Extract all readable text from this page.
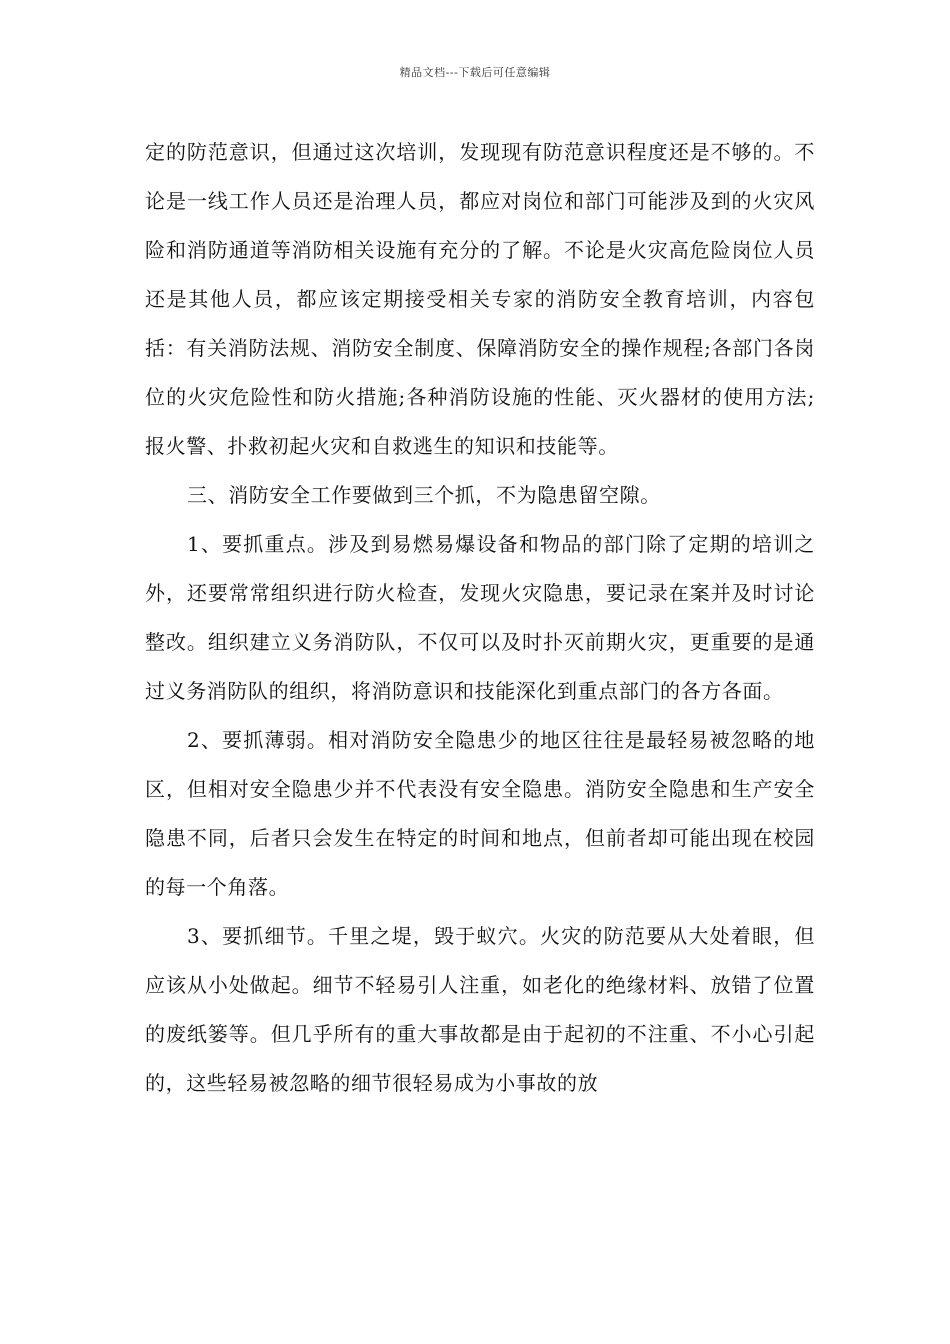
精品文档---下载后可任意编辑

定的防范意识，但通过这次培训，发现现有防范意识程度还是不够的。不论是一线工作人员还是治理人员，都应对岗位和部门可能涉及到的火灾风险和消防通道等消防相关设施有充分的了解。不论是火灾高危险岗位人员还是其他人员，都应该定期接受相关专家的消防安全教育培训，内容包括：有关消防法规、消防安全制度、保障消防安全的操作规程;各部门各岗位的火灾危险性和防火措施;各种消防设施的性能、灭火器材的使用方法;报火警、扑救初起火灾和自救逃生的知识和技能等。

三、消防安全工作要做到三个抓，不为隐患留空隙。

1、要抓重点。涉及到易燃易爆设备和物品的部门除了定期的培训之外，还要常常组织进行防火检查，发现火灾隐患，要记录在案并及时讨论整改。组织建立义务消防队，不仅可以及时扑灭前期火灾，更重要的是通过义务消防队的组织，将消防意识和技能深化到重点部门的各方各面。

2、要抓薄弱。相对消防安全隐患少的地区往往是最轻易被忽略的地区，但相对安全隐患少并不代表没有安全隐患。消防安全隐患和生产安全隐患不同，后者只会发生在特定的时间和地点，但前者却可能出现在校园的每一个角落。

3、要抓细节。千里之堤，毁于蚁穴。火灾的防范要从大处着眼，但应该从小处做起。细节不轻易引人注重，如老化的绝缘材料、放错了位置的废纸篓等。但几乎所有的重大事故都是由于起初的不注重、不小心引起的，这些轻易被忽略的细节很轻易成为小事故的放
